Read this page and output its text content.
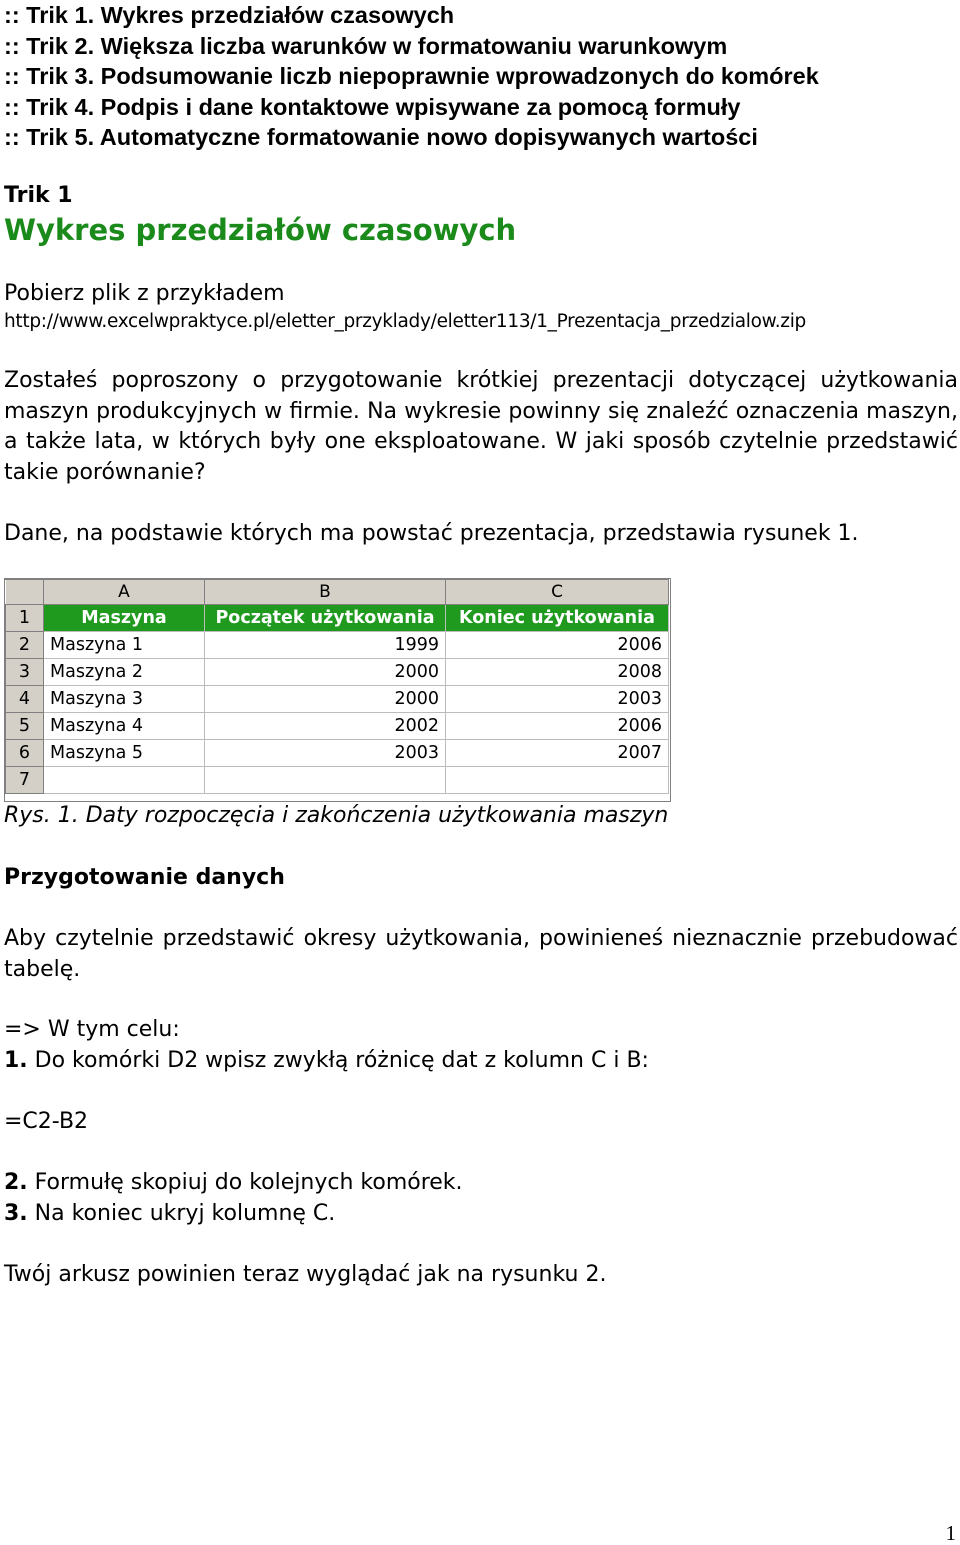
:: Trik 1. Wykres przedziałów czasowych
:: Trik 2. Większa liczba warunków w formatowaniu warunkowym
:: Trik 3. Podsumowanie liczb niepoprawnie wprowadzonych do komórek
:: Trik 4. Podpis i dane kontaktowe wpisywane za pomocą formuły
:: Trik 5. Automatyczne formatowanie nowo dopisywanych wartości
Trik 1
Wykres przedziałów czasowych
Pobierz plik z przykładem
http://www.excelwpraktyce.pl/eletter_przyklady/eletter113/1_Prezentacja_przedzialow.zip

Zostałeś poproszony o przygotowanie krótkiej prezentacji dotyczącej użytkowania maszyn produkcyjnych w firmie. Na wykresie powinny się znaleźć oznaczenia maszyn, a także lata, w których były one eksploatowane. W jaki sposób czytelnie przedstawić takie porównanie?

Dane, na podstawie których ma powstać prezentacja, przedstawia rysunek 1.

	A	B	C
1	Maszyna	Początek użytkowania	Koniec użytkowania
2	Maszyna 1	1999	2006
3	Maszyna 2	2000	2008
4	Maszyna 3	2000	2003
5	Maszyna 4	2002	2006
6	Maszyna 5	2003	2007
7			
Rys. 1. Daty rozpoczęcia i zakończenia użytkowania maszyn
Przygotowanie danych

Aby czytelnie przedstawić okresy użytkowania, powinieneś nieznacznie przebudować tabelę.

=> W tym celu:
1. Do komórki D2 wpisz zwykłą różnicę dat z kolumn C i B:
=C2-B2
2. Formułę skopiuj do kolejnych komórek.
3. Na koniec ukryj kolumnę C.
Twój arkusz powinien teraz wyglądać jak na rysunku 2.
1
